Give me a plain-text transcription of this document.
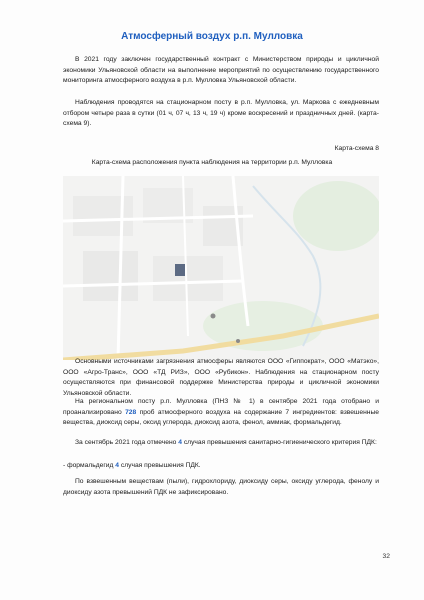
Атмосферный воздух р.п. Мулловка

В 2021 году заключен государственный контракт с Министерством природы и цикличной экономики Ульяновской области на выполнение мероприятий по осуществлению государственного мониторинга атмосферного воздуха в р.п. Мулловка Ульяновской области.

Наблюдения проводятся на стационарном посту в р.п. Мулловка, ул. Маркова с ежедневным отбором четыре раза в сутки (01 ч, 07 ч, 13 ч, 19 ч) кроме воскресений и праздничных дней. (карта-схема 9).

Карта-схема 8
Карта-схема расположения пункта наблюдения на территории р.п. Мулловка

Основными источниками загрязнения атмосферы являются ООО «Гиппократ», ООО «Матэко», ООО «Агро-Транс», ООО «ТД РИЗ», ООО «Рубикон». Наблюдения на стационарном посту осуществляются при финансовой поддержке Министерства природы и цикличной экономики Ульяновской области.

На региональном посту р.п. Мулловка (ПНЗ № 1) в сентябре 2021 года отобрано и проанализировано 728 проб атмосферного воздуха на содержание 7 ингредиентов: взвешенные вещества, диоксид серы, оксид углерода, диоксид азота, фенол, аммиак, формальдегид.

За сентябрь 2021 года отмечено 4 случая превышения санитарно-гигиенического критерия ПДК:

- формальдегид 4 случая превышения ПДК.

По взвешенным веществам (пыли), гидрохлориду, диоксиду серы, оксиду углерода, фенолу и диоксиду азота превышений ПДК не зафиксировано.

32
